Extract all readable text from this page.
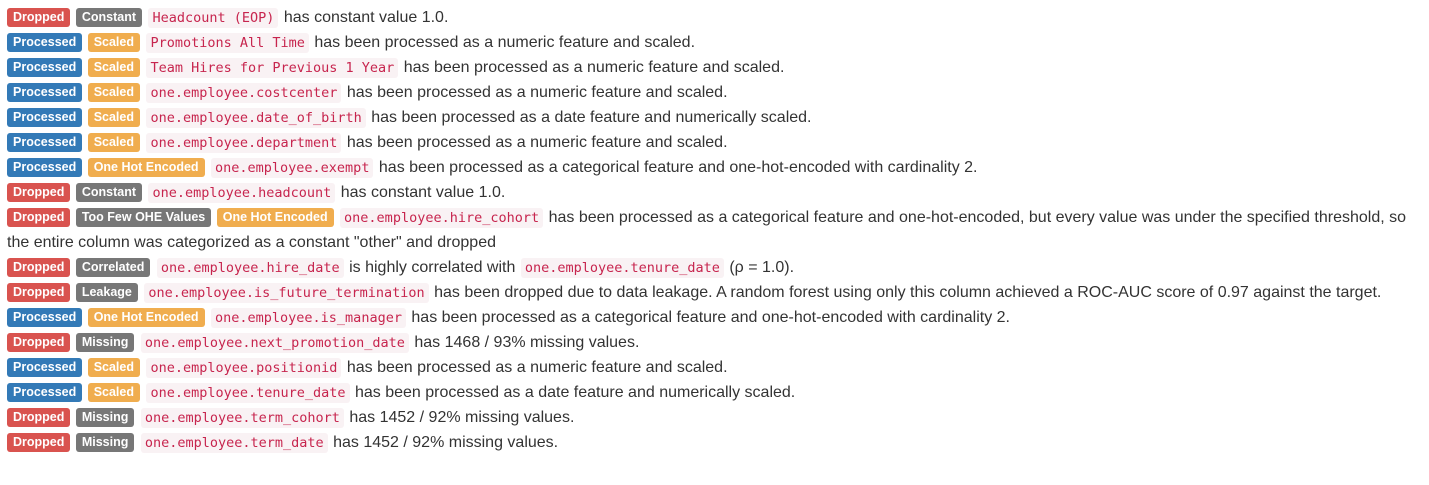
Dropped Constant Headcount (EOP) has constant value 1.0.
Processed Scaled Promotions All Time has been processed as a numeric feature and scaled.
Processed Scaled Team Hires for Previous 1 Year has been processed as a numeric feature and scaled.
Processed Scaled one.employee.costcenter has been processed as a numeric feature and scaled.
Processed Scaled one.employee.date_of_birth has been processed as a date feature and numerically scaled.
Processed Scaled one.employee.department has been processed as a numeric feature and scaled.
Processed One Hot Encoded one.employee.exempt has been processed as a categorical feature and one-hot-encoded with cardinality 2.
Dropped Constant one.employee.headcount has constant value 1.0.
Dropped Too Few OHE Values One Hot Encoded one.employee.hire_cohort has been processed as a categorical feature and one-hot-encoded, but every value was under the specified threshold, so the entire column was categorized as a constant "other" and dropped
Dropped Correlated one.employee.hire_date is highly correlated with one.employee.tenure_date (ρ = 1.0).
Dropped Leakage one.employee.is_future_termination has been dropped due to data leakage. A random forest using only this column achieved a ROC-AUC score of 0.97 against the target.
Processed One Hot Encoded one.employee.is_manager has been processed as a categorical feature and one-hot-encoded with cardinality 2.
Dropped Missing one.employee.next_promotion_date has 1468 / 93% missing values.
Processed Scaled one.employee.positionid has been processed as a numeric feature and scaled.
Processed Scaled one.employee.tenure_date has been processed as a date feature and numerically scaled.
Dropped Missing one.employee.term_cohort has 1452 / 92% missing values.
Dropped Missing one.employee.term_date has 1452 / 92% missing values.
